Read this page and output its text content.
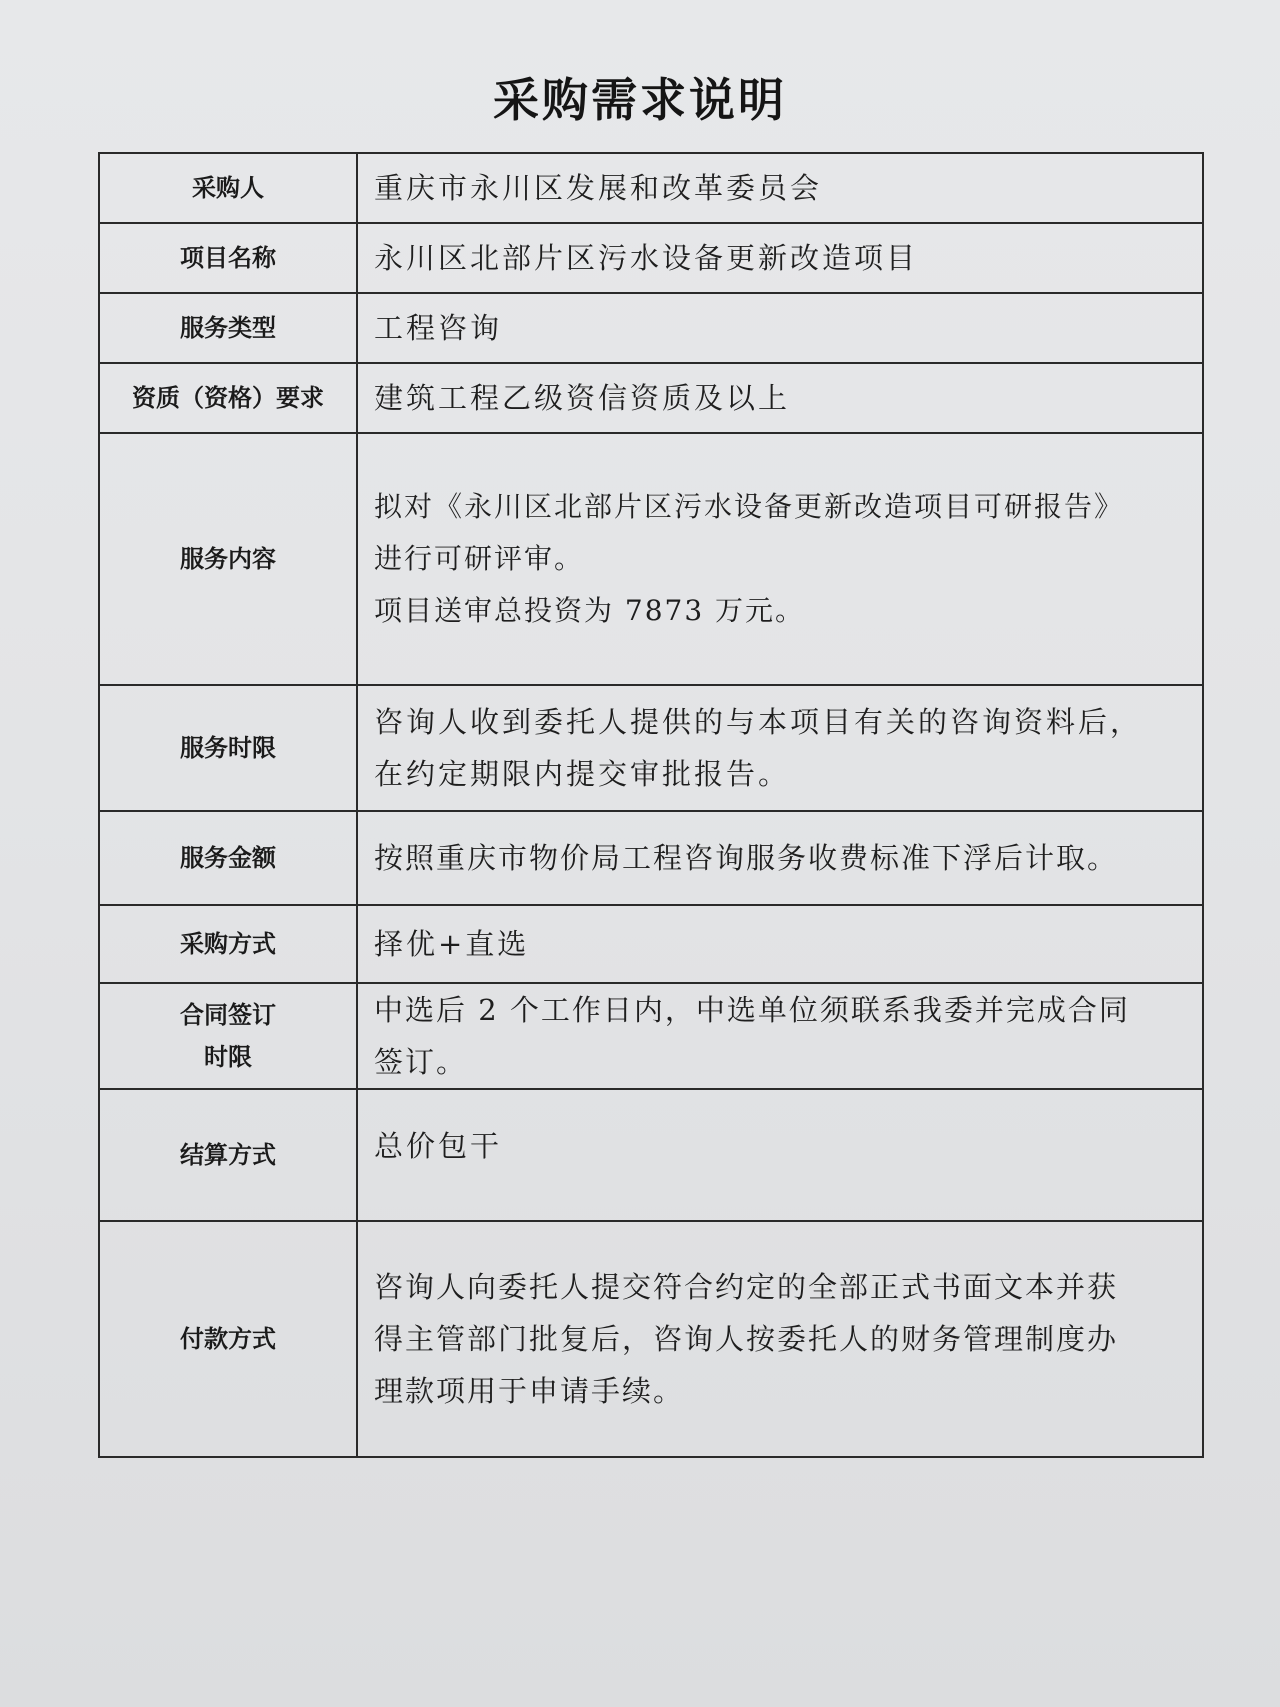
采购需求说明
采购人	重庆市永川区发展和改革委员会

项目名称	永川区北部片区污水设备更新改造项目

服务类型	工程咨询

资质（资格）要求	建筑工程乙级资信资质及以上

服务内容	拟对《永川区北部片区污水设备更新改造项目可研报告》
进行可研评审。
项目送审总投资为 7873 万元。

服务时限	咨询人收到委托人提供的与本项目有关的咨询资料后，
在约定期限内提交审批报告。

服务金额	按照重庆市物价局工程咨询服务收费标准下浮后计取。

采购方式	择优+直选

合同签订
时限	中选后 2 个工作日内，中选单位须联系我委并完成合同
签订。

结算方式	总价包干

付款方式	咨询人向委托人提交符合约定的全部正式书面文本并获
得主管部门批复后，咨询人按委托人的财务管理制度办
理款项用于申请手续。
